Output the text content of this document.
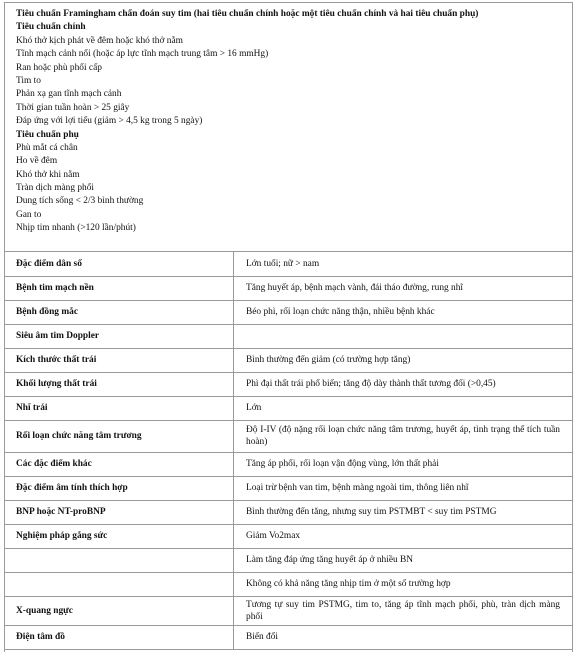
Tiêu chuẩn Framingham chẩn đoán suy tim (hai tiêu chuẩn chính hoặc một tiêu chuẩn chính và hai tiêu chuẩn phụ)
Tiêu chuẩn chính
Khó thở kịch phát về đêm hoặc khó thở nằm
Tĩnh mạch cảnh nổi (hoặc áp lực tĩnh mạch trung tâm > 16 mmHg)
Ran hoặc phù phổi cấp
Tim to
Phản xạ gan tĩnh mạch cảnh
Thời gian tuần hoàn > 25 giây
Đáp ứng với lợi tiểu (giảm > 4,5 kg trong 5 ngày)
Tiêu chuẩn phụ
Phù mắt cá chân
Ho về đêm
Khó thở khi nằm
Tràn dịch màng phổi
Dung tích sống < 2/3 bình thường
Gan to
Nhịp tim nhanh (>120 lần/phút)
Đặc điểm dân số	Lớn tuổi; nữ > nam
Bệnh tim mạch nền	Tăng huyết áp, bệnh mạch vành, đái tháo đường, rung nhĩ
Bệnh đồng mắc	Béo phì, rối loạn chức năng thận, nhiều bệnh khác
Siêu âm tim Doppler	
Kích thước thất trái	Bình thường đến giảm (có trường hợp tăng)
Khối lượng thất trái	Phì đại thất trái phổ biến; tăng độ dày thành thất tương đối (>0,45)
Nhĩ trái	Lớn
Rối loạn chức năng tâm trương	Độ I-IV (độ nặng rối loạn chức năng tâm trương, huyết áp, tình trạng thể tích tuần hoàn)
Các đặc điểm khác	Tăng áp phổi, rối loạn vận động vùng, lớn thất phải
Đặc điểm âm tính thích hợp	Loại trừ bệnh van tim, bệnh màng ngoài tim, thông liên nhĩ
BNP hoặc NT-proBNP	Bình thường đến tăng, nhưng suy tim PSTMBT < suy tim PSTMG
Nghiệm pháp gắng sức	Giảm Vo2max
	Làm tăng đáp ứng tăng huyết áp ở nhiều BN
	Không có khả năng tăng nhịp tim ở một số trường hợp
X-quang ngực	Tương tự suy tim PSTMG, tim to, tăng áp tĩnh mạch phổi, phù, tràn dịch màng phổi
Điện tâm đồ	Biến đổi
